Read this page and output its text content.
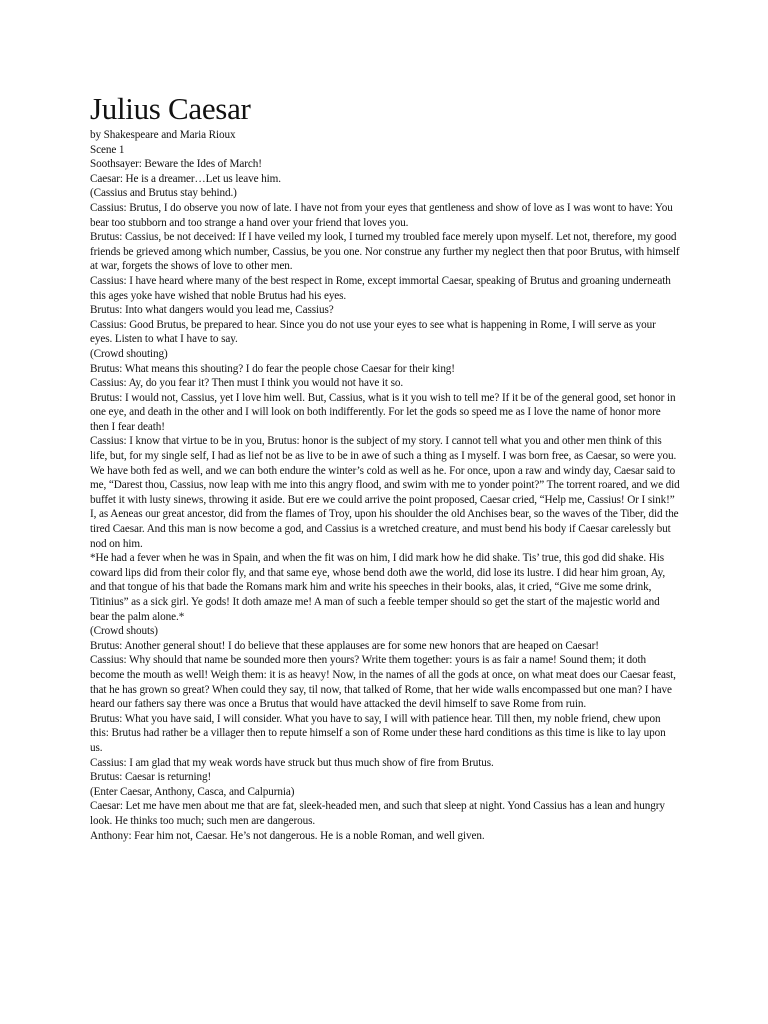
Julius Caesar

by Shakespeare and Maria Rioux

Scene 1

Soothsayer: Beware the Ides of March!

Caesar: He is a dreamer…Let us leave him.

(Cassius and Brutus stay behind.)

Cassius: Brutus, I do observe you now of late. I have not from your eyes that gentleness and show of love as I was wont to have: You bear too stubborn and too strange a hand over your friend that loves you.

Brutus: Cassius, be not deceived: If I have veiled my look, I turned my troubled face merely upon myself. Let not, therefore, my good friends be grieved among which number, Cassius, be you one. Nor construe any further my neglect then that poor Brutus, with himself at war, forgets the shows of love to other men.

Cassius: I have heard where many of the best respect in Rome, except immortal Caesar, speaking of Brutus and groaning underneath this ages yoke have wished that noble Brutus had his eyes.

Brutus: Into what dangers would you lead me, Cassius?

Cassius: Good Brutus, be prepared to hear. Since you do not use your eyes to see what is happening in Rome, I will serve as your eyes. Listen to what I have to say.

(Crowd shouting)

Brutus: What means this shouting? I do fear the people chose Caesar for their king!

Cassius: Ay, do you fear it? Then must I think you would not have it so.

Brutus: I would not, Cassius, yet I love him well. But, Cassius, what is it you wish to tell me? If it be of the general good, set honor in one eye, and death in the other and I will look on both indifferently. For let the gods so speed me as I love the name of honor more then I fear death!

Cassius: I know that virtue to be in you, Brutus: honor is the subject of my story. I cannot tell what you and other men think of this life, but, for my single self, I had as lief not be as live to be in awe of such a thing as I myself. I was born free, as Caesar, so were you. We have both fed as well, and we can both endure the winter’s cold as well as he. For once, upon a raw and windy day, Caesar said to me, “Darest thou, Cassius, now leap with me into this angry flood, and swim with me to yonder point?” The torrent roared, and we did buffet it with lusty sinews, throwing it aside. But ere we could arrive the point proposed, Caesar cried, “Help me, Cassius! Or I sink!” I, as Aeneas our great ancestor, did from the flames of Troy, upon his shoulder the old Anchises bear, so the waves of the Tiber, did the tired Caesar. And this man is now become a god, and Cassius is a wretched creature, and must bend his body if Caesar carelessly but nod on him.

*He had a fever when he was in Spain, and when the fit was on him, I did mark how he did shake. Tis’ true, this god did shake. His coward lips did from their color fly, and that same eye, whose bend doth awe the world, did lose its lustre. I did hear him groan, Ay, and that tongue of his that bade the Romans mark him and write his speeches in their books, alas, it cried, “Give me some drink, Titinius” as a sick girl. Ye gods! It doth amaze me! A man of such a feeble temper should so get the start of the majestic world and bear the palm alone.*

(Crowd shouts)

Brutus: Another general shout! I do believe that these applauses are for some new honors that are heaped on Caesar!

Cassius: Why should that name be sounded more then yours? Write them together: yours is as fair a name! Sound them; it doth become the mouth as well! Weigh them: it is as heavy! Now, in the names of all the gods at once, on what meat does our Caesar feast, that he has grown so great? When could they say, til now, that talked of Rome, that her wide walls encompassed but one man? I have heard our fathers say there was once a Brutus that would have attacked the devil himself to save Rome from ruin.

Brutus: What you have said, I will consider. What you have to say, I will with patience hear. Till then, my noble friend, chew upon this: Brutus had rather be a villager then to repute himself a son of Rome under these hard conditions as this time is like to lay upon us.

Cassius: I am glad that my weak words have struck but thus much show of fire from Brutus.

Brutus: Caesar is returning!

(Enter Caesar, Anthony, Casca, and Calpurnia)

Caesar: Let me have men about me that are fat, sleek-headed men, and such that sleep at night. Yond Cassius has a lean and hungry look. He thinks too much; such men are dangerous.

Anthony: Fear him not, Caesar. He’s not dangerous. He is a noble Roman, and well given.
